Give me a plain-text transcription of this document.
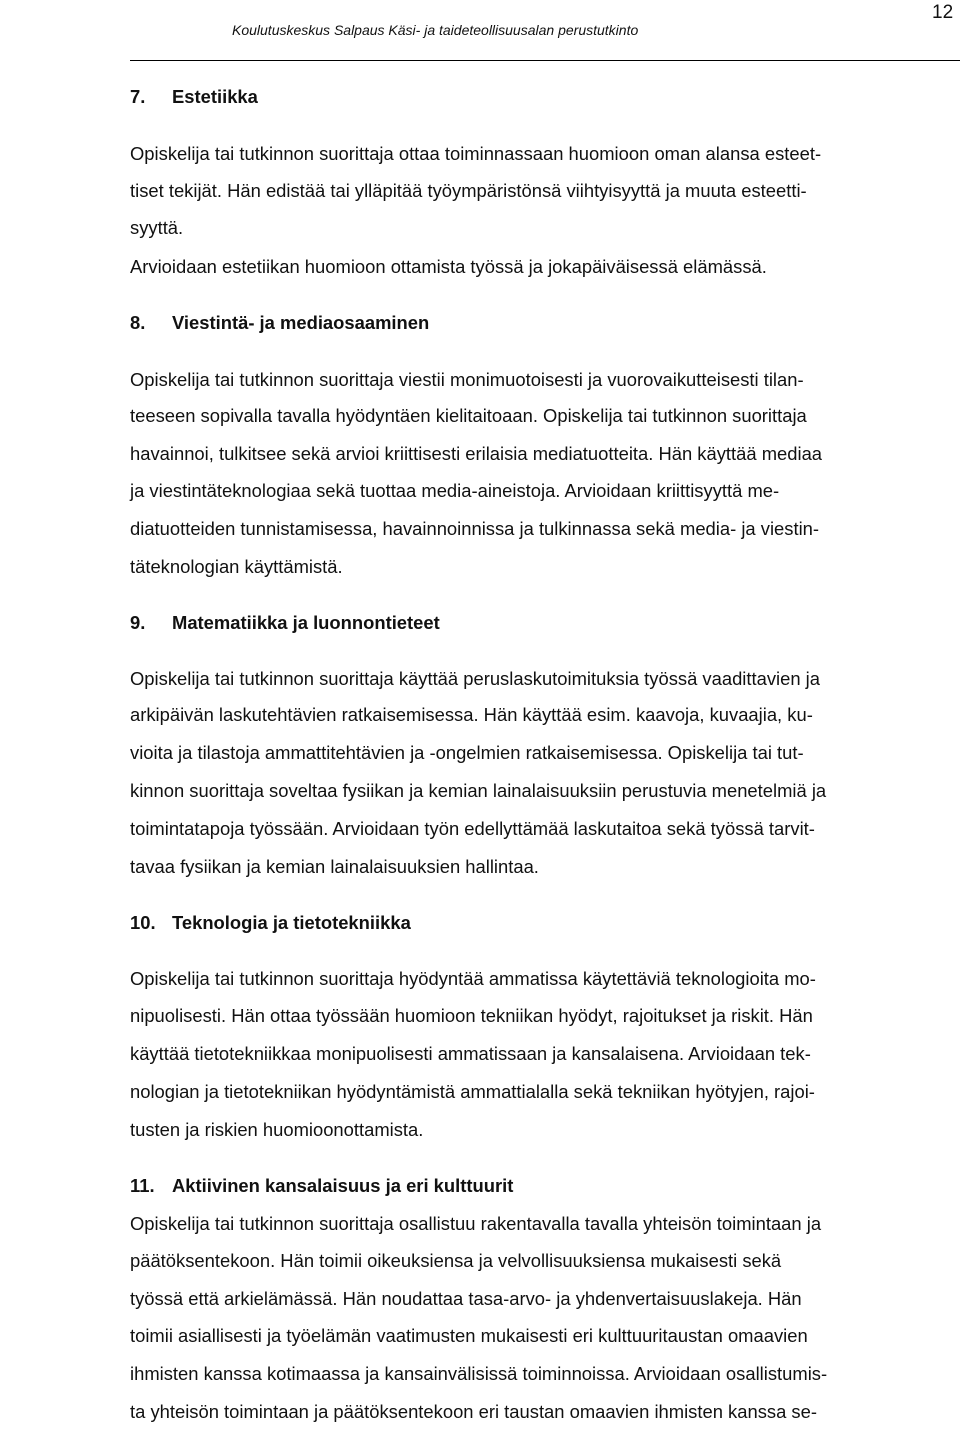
12
Koulutuskeskus Salpaus Käsi- ja taideteollisuusalan perustutkinto
7. Estetiikka
Opiskelija tai tutkinnon suorittaja ottaa toiminnassaan huomioon oman alansa esteet-
tiset tekijät. Hän edistää tai ylläpitää työympäristönsä viihtyisyyttä ja muuta esteetti-
syyttä.
Arvioidaan estetiikan huomioon ottamista työssä ja jokapäiväisessä elämässä.
8. Viestintä- ja mediaosaaminen
Opiskelija tai tutkinnon suorittaja viestii monimuotoisesti ja vuorovaikutteisesti tilan-
teeseen sopivalla tavalla hyödyntäen kielitaitoaan. Opiskelija tai tutkinnon suorittaja
havainnoi, tulkitsee sekä arvioi kriittisesti erilaisia mediatuotteita. Hän käyttää mediaa
ja viestintäteknologiaa sekä tuottaa media-aineistoja. Arvioidaan kriittisyyttä me-
diatuotteiden tunnistamisessa, havainnoinnissa ja tulkinnassa sekä media- ja viestin-
täteknologian käyttämistä.
9. Matematiikka ja luonnontieteet
Opiskelija tai tutkinnon suorittaja käyttää peruslaskutoimituksia työssä vaadittavien ja
arkipäivän laskutehtävien ratkaisemisessa. Hän käyttää esim. kaavoja, kuvaajia, ku-
vioita ja tilastoja ammattitehtävien ja -ongelmien ratkaisemisessa. Opiskelija tai tut-
kinnon suorittaja soveltaa fysiikan ja kemian lainalaisuuksiin perustuvia menetelmiä ja
toimintatapoja työssään. Arvioidaan työn edellyttämää laskutaitoa sekä työssä tarvit-
tavaa fysiikan ja kemian lainalaisuuksien hallintaa.
10. Teknologia ja tietotekniikka
Opiskelija tai tutkinnon suorittaja hyödyntää ammatissa käytettäviä teknologioita mo-
nipuolisesti. Hän ottaa työssään huomioon tekniikan hyödyt, rajoitukset ja riskit. Hän
käyttää tietotekniikkaa monipuolisesti ammatissaan ja kansalaisena. Arvioidaan tek-
nologian ja tietotekniikan hyödyntämistä ammattialalla sekä tekniikan hyötyjen, rajoi-
tusten ja riskien huomioonottamista.
11. Aktiivinen kansalaisuus ja eri kulttuurit
Opiskelija tai tutkinnon suorittaja osallistuu rakentavalla tavalla yhteisön toimintaan ja
päätöksentekoon. Hän toimii oikeuksiensa ja velvollisuuksiensa mukaisesti sekä
työssä että arkielämässä. Hän noudattaa tasa-arvo- ja yhdenvertaisuuslakeja. Hän
toimii asiallisesti ja työelämän vaatimusten mukaisesti eri kulttuuritaustan omaavien
ihmisten kanssa kotimaassa ja kansainvälisissä toiminnoissa. Arvioidaan osallistumis-
ta yhteisön toimintaan ja päätöksentekoon eri taustan omaavien ihmisten kanssa se-
